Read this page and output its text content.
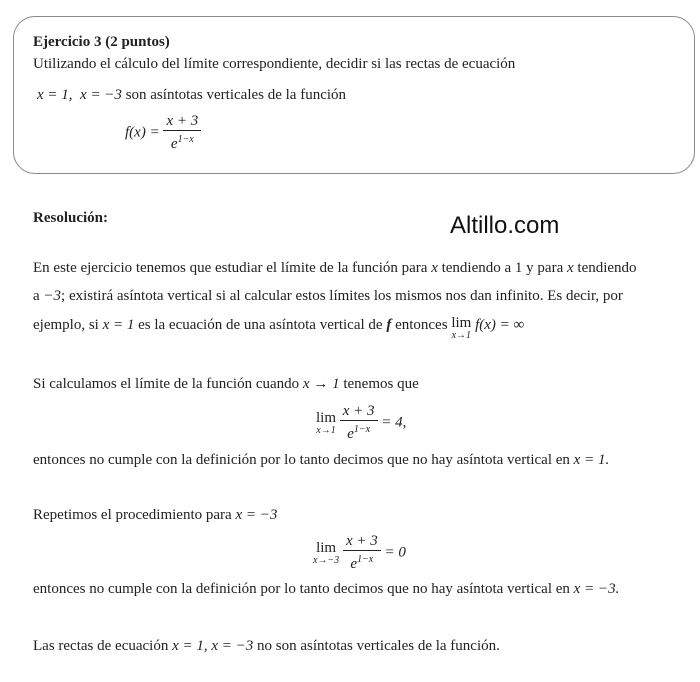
Ejercicio 3 (2 puntos)
Utilizando el cálculo del límite correspondiente, decidir si las rectas de ecuación
x = 1, x = −3 son asíntotas verticales de la función
$f(x) = \frac{x + 3}{e^{1-x}}$
Resolución:	Altillo.com
En este ejercicio tenemos que estudiar el límite de la función para x tendiendo a 1 y para x tendiendo
a −3; existirá asíntota vertical si al calcular estos límites los mismos nos dan infinito. Es decir, por
ejemplo, si x = 1 es la ecuación de una asíntota vertical de f entonces lim
x→1
f(x) = ∞
Si calculamos el límite de la función cuando x → 1 tenemos que
lim
x→1
$\frac{x + 3}{e^{1-x}} = 4$,
entonces no cumple con la definición por lo tanto decimos que no hay asíntota vertical en x = 1.
Repetimos el procedimiento para x = −3
lim
x→−3
$\frac{x + 3}{e^{1-x}} = 0$
entonces no cumple con la definición por lo tanto decimos que no hay asíntota vertical en x = −3.
Las rectas de ecuación x = 1, x = −3 no son asíntotas verticales de la función.
